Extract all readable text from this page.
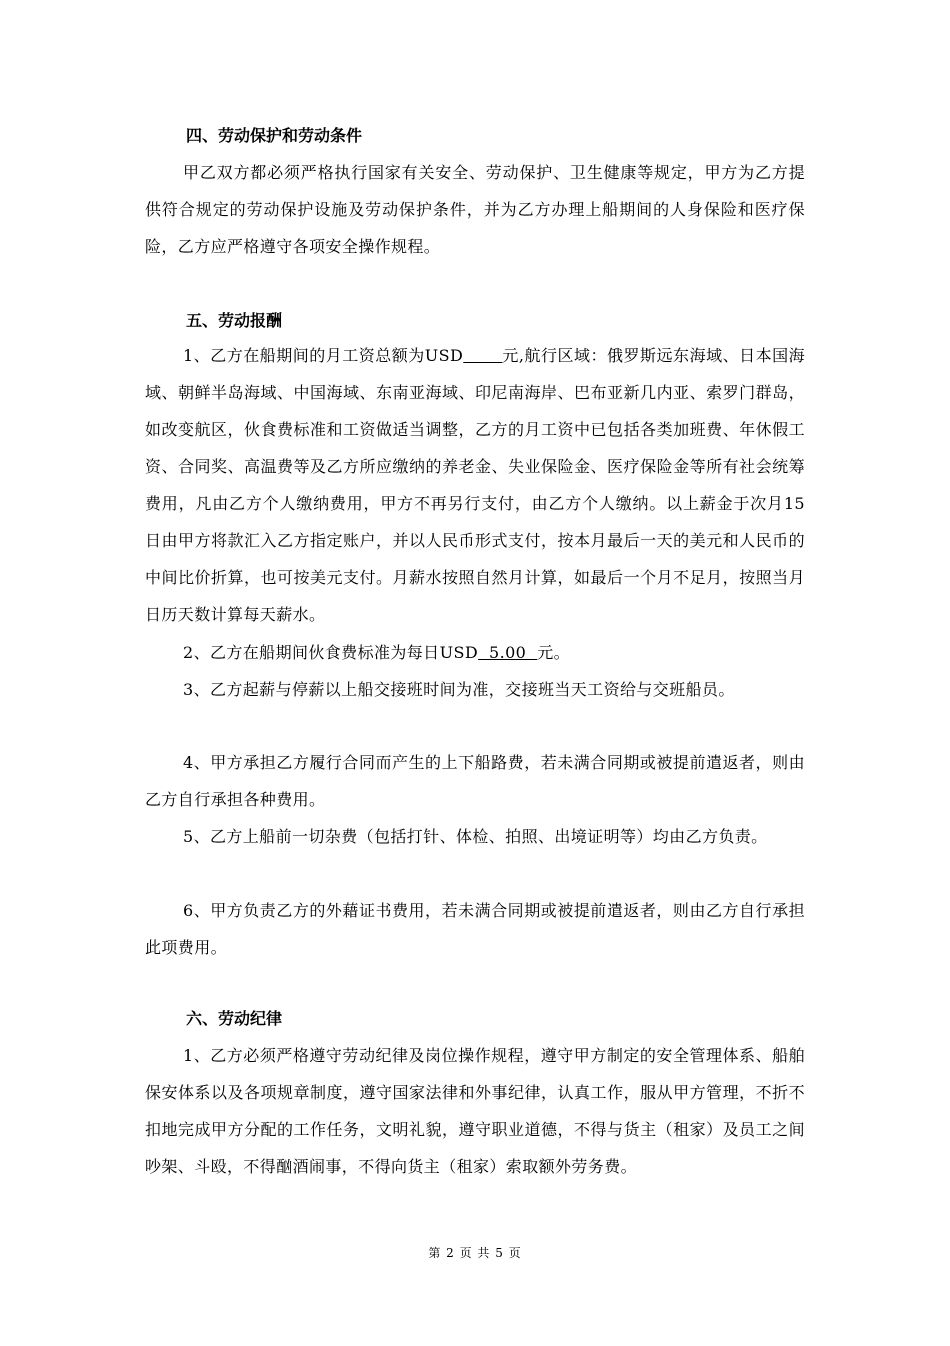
四、劳动保护和劳动条件
甲乙双方都必须严格执行国家有关安全、劳动保护、卫生健康等规定，甲方为乙方提供符合规定的劳动保护设施及劳动保护条件，并为乙方办理上船期间的人身保险和医疗保险，乙方应严格遵守各项安全操作规程。
五、劳动报酬
1、乙方在船期间的月工资总额为USD 元,航行区域：俄罗斯远东海域、日本国海域、朝鲜半岛海域、中国海域、东南亚海域、印尼南海岸、巴布亚新几内亚、索罗门群岛，如改变航区，伙食费标准和工资做适当调整，乙方的月工资中已包括各类加班费、年休假工资、合同奖、高温费等及乙方所应缴纳的养老金、失业保险金、医疗保险金等所有社会统筹费用，凡由乙方个人缴纳费用，甲方不再另行支付，由乙方个人缴纳。以上薪金于次月15日由甲方将款汇入乙方指定账户，并以人民币形式支付，按本月最后一天的美元和人民币的中间比价折算，也可按美元支付。月薪水按照自然月计算，如最后一个月不足月，按照当月日历天数计算每天薪水。
2、乙方在船期间伙食费标准为每日USD  5.00  元。
3、乙方起薪与停薪以上船交接班时间为准，交接班当天工资给与交班船员。
4、甲方承担乙方履行合同而产生的上下船路费，若未满合同期或被提前遣返者，则由乙方自行承担各种费用。
5、乙方上船前一切杂费（包括打针、体检、拍照、出境证明等）均由乙方负责。
6、甲方负责乙方的外藉证书费用，若未满合同期或被提前遣返者，则由乙方自行承担此项费用。
六、劳动纪律
1、乙方必须严格遵守劳动纪律及岗位操作规程，遵守甲方制定的安全管理体系、船舶保安体系以及各项规章制度，遵守国家法律和外事纪律，认真工作，服从甲方管理，不折不扣地完成甲方分配的工作任务，文明礼貌，遵守职业道德，不得与货主（租家）及员工之间吵架、斗殴，不得酗酒闹事，不得向货主（租家）索取额外劳务费。
第 2 页 共 5 页
